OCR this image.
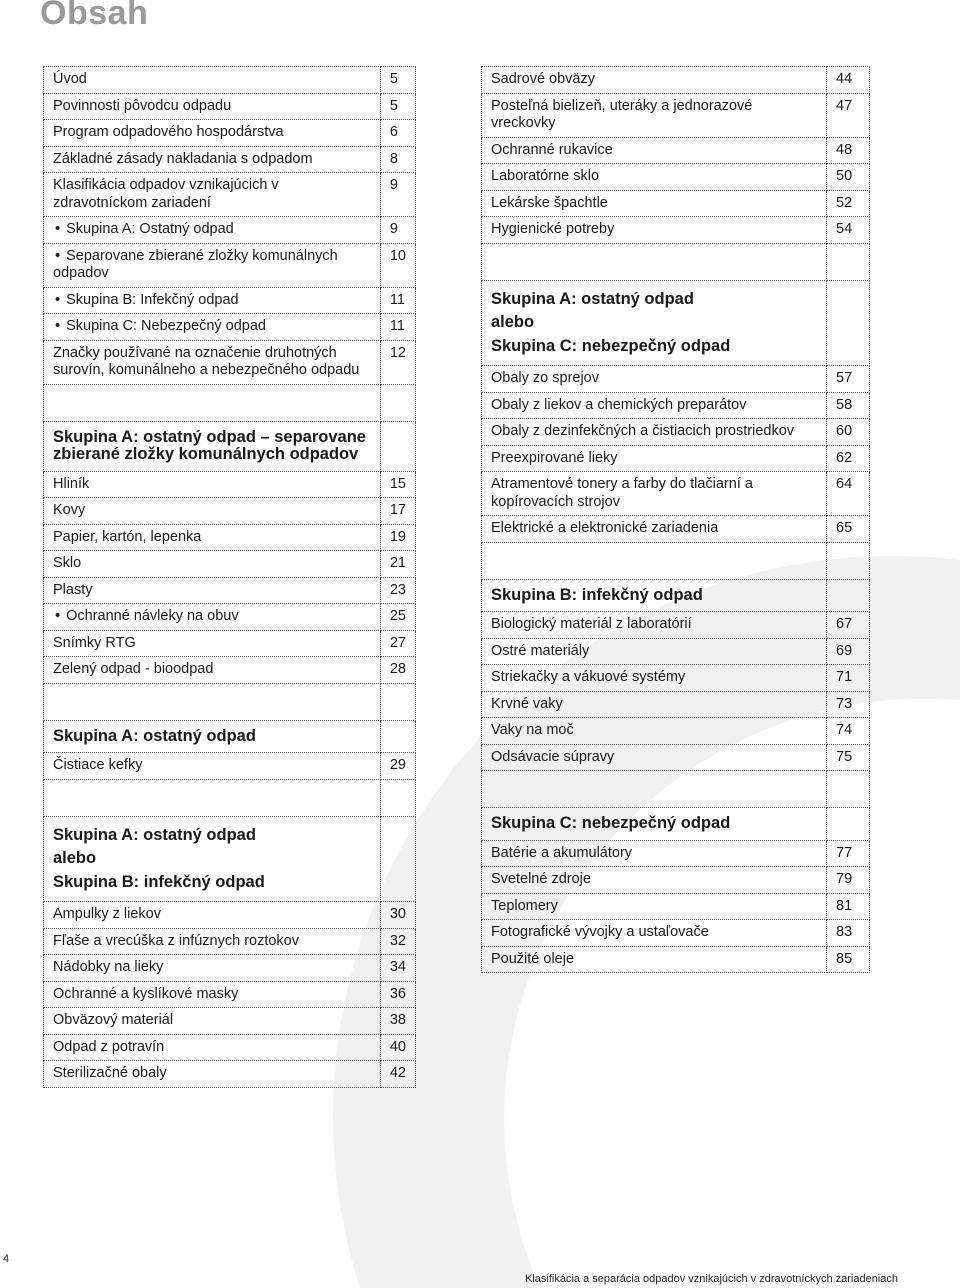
Obsah
Úvod	5
Povinnosti pôvodcu odpadu	5
Program odpadového hospodárstva	6
Základné zásady nakladania s odpadom	8
Klasifikácia odpadov vznikajúcich v zdravotníckom zariadení	9
• Skupina A: Ostatný odpad	9
• Separovane zbierané zložky komunálnych odpadov	10
• Skupina B: Infekčný odpad	11
• Skupina C: Nebezpečný odpad	11
Značky používané na označenie druhotných surovín, komunálneho a nebezpečného odpadu	12

Skupina A: ostatný odpad – separovane zbierané zložky komunálnych odpadov	
Hliník	15
Kovy	17
Papier, kartón, lepenka	19
Sklo	21
Plasty	23
• Ochranné návleky na obuv	25
Snímky RTG	27
Zelený odpad - bioodpad	28

Skupina A: ostatný odpad	
Čistiace kefky	29

Skupina A: ostatný odpad
alebo
Skupina B: infekčný odpad	

Ampulky z liekov	30
Fľaše a vrecúška z infúznych roztokov	32
Nádobky na lieky	34
Ochranné a kyslíkové masky	36
Obväzový materiál	38
Odpad z potravín	40
Sterilizačné obaly	42
Sadrové obväzy	44
Posteľná bielizeň, uteráky a jednorazové vreckovky	47
Ochranné rukavice	48
Laboratórne sklo	50
Lekárske špachtle	52
Hygienické potreby	54

Skupina A: ostatný odpad
alebo
Skupina C: nebezpečný odpad	

Obaly zo sprejov	57
Obaly z liekov a chemických preparátov	58
Obaly z dezinfekčných a čistiacich prostriedkov	60
Preexpirované lieky	62
Atramentové tonery a farby do tlačiarní a kopírovacích strojov	64
Elektrické a elektronické zariadenia	65

Skupina B: infekčný odpad	
Biologický materiál z laboratórií	67
Ostré materiály	69
Striekačky a vákuové systémy	71
Krvné vaky	73
Vaky na moč	74
Odsávacie súpravy	75

Skupina C: nebezpečný odpad	
Batérie a akumulátory	77
Svetelné zdroje	79
Teplomery	81
Fotografické vývojky a ustaľovače	83
Použité oleje	85
4
Klasifikácia a separácia odpadov vznikajúcich v zdravotníckych zariadeniach
